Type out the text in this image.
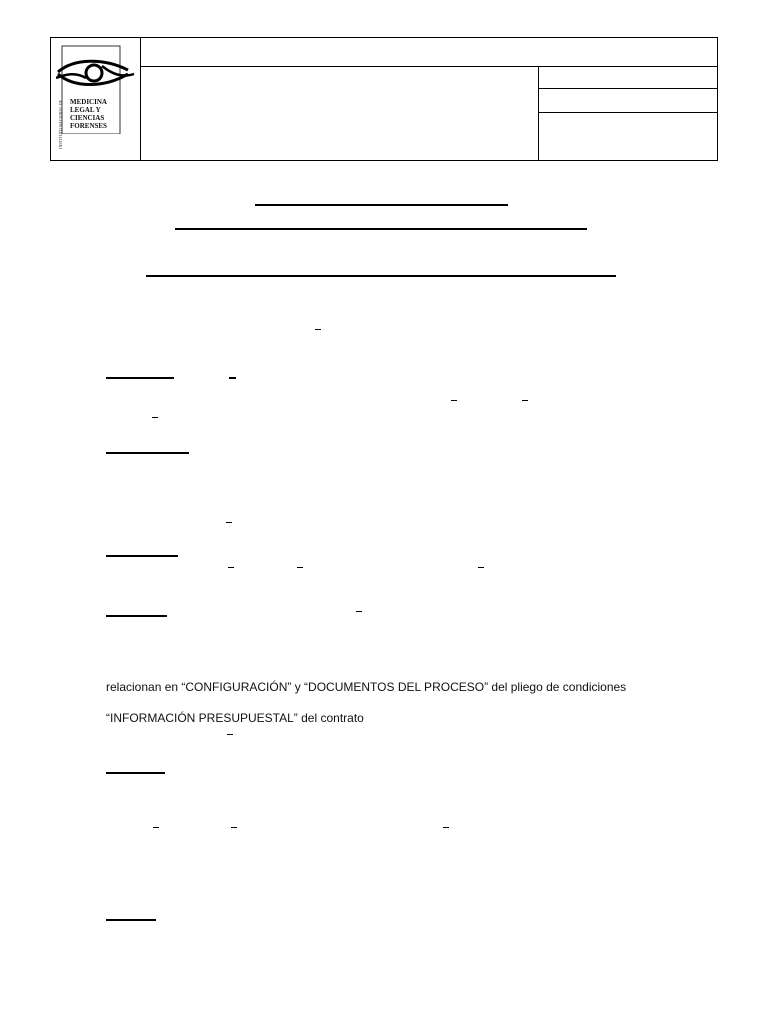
INSTITUTO NACIONAL DE MEDICINA
LEGAL Y
CIENCIAS
FORENSES
relacionan en “CONFIGURACIÓN” y “DOCUMENTOS DEL PROCESO” del pliego de condiciones
“INFORMACIÓN PRESUPUESTAL” del contrato
